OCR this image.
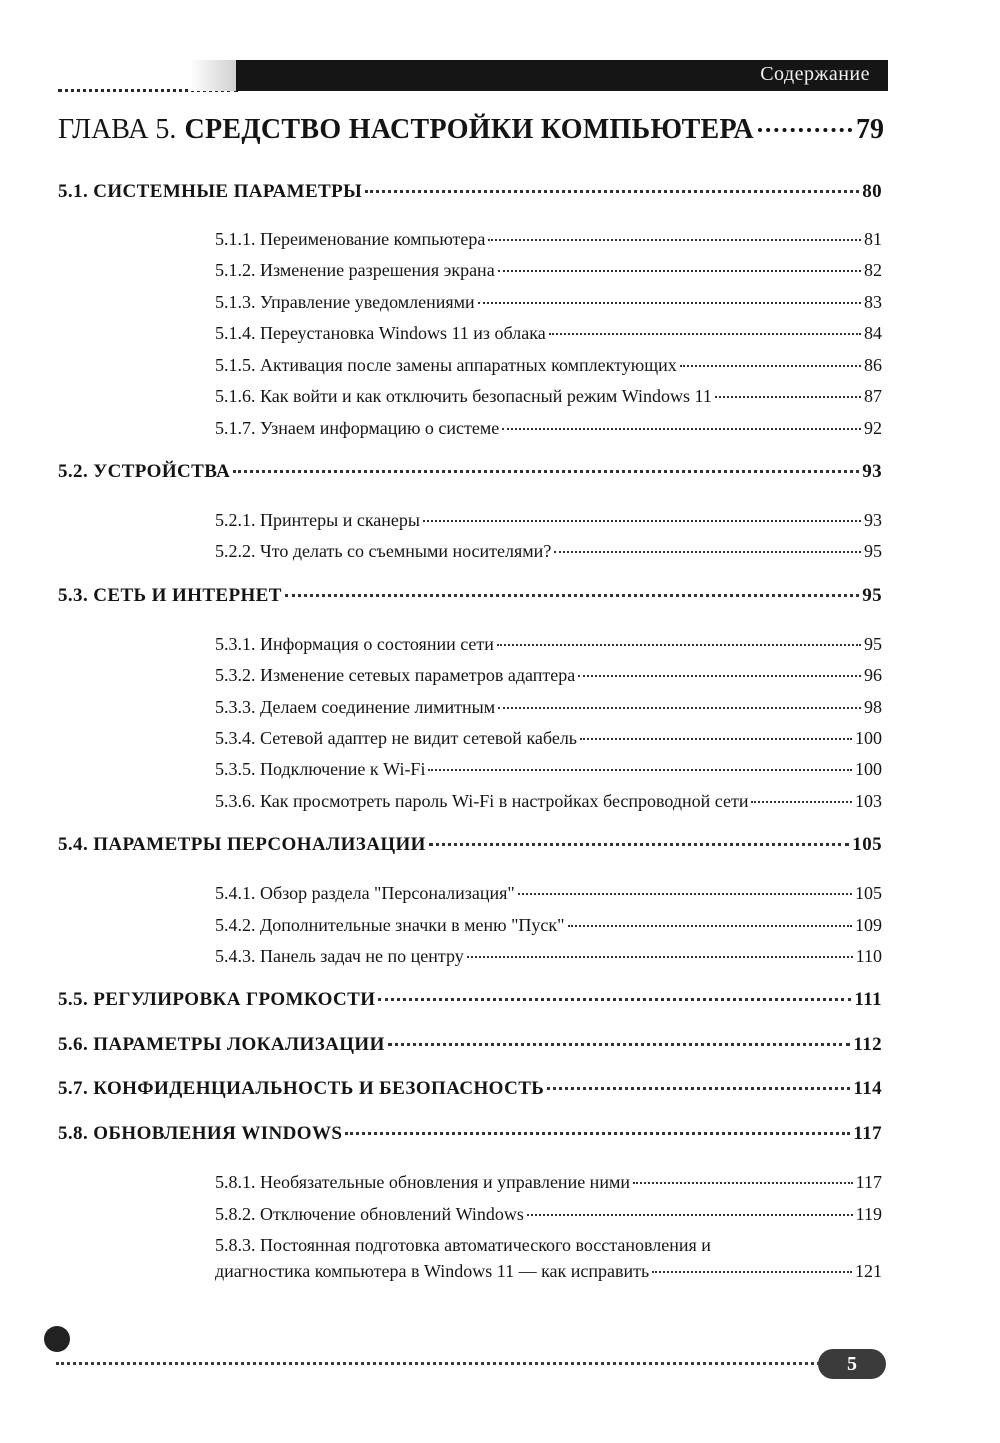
Содержание
ГЛАВА 5. СРЕДСТВО НАСТРОЙКИ КОМПЬЮТЕРА	79
5.1. СИСТЕМНЫЕ ПАРАМЕТРЫ	80
5.1.1. Переименование компьютера	81
5.1.2. Изменение разрешения экрана	82
5.1.3. Управление уведомлениями	83
5.1.4. Переустановка Windows 11 из облака	84
5.1.5. Активация после замены аппаратных комплектующих	86
5.1.6. Как войти и как отключить безопасный режим Windows 11	87
5.1.7. Узнаем информацию о системе	92
5.2. УСТРОЙСТВА	93
5.2.1. Принтеры и сканеры	93
5.2.2. Что делать со съемными носителями?	95
5.3. СЕТЬ И ИНТЕРНЕТ	95
5.3.1. Информация о состоянии сети	95
5.3.2. Изменение сетевых параметров адаптера	96
5.3.3. Делаем соединение лимитным	98
5.3.4. Сетевой адаптер не видит сетевой кабель	100
5.3.5. Подключение к Wi-Fi	100
5.3.6. Как просмотреть пароль Wi-Fi в настройках беспроводной сети	103
5.4. ПАРАМЕТРЫ ПЕРСОНАЛИЗАЦИИ	105
5.4.1. Обзор раздела "Персонализация"	105
5.4.2. Дополнительные значки в меню "Пуск"	109
5.4.3. Панель задач не по центру	110
5.5. РЕГУЛИРОВКА ГРОМКОСТИ	111
5.6. ПАРАМЕТРЫ ЛОКАЛИЗАЦИИ	112
5.7. КОНФИДЕНЦИАЛЬНОСТЬ И БЕЗОПАСНОСТЬ	114
5.8. ОБНОВЛЕНИЯ WINDOWS	117
5.8.1. Необязательные обновления и управление ними	117
5.8.2. Отключение обновлений Windows	119
5.8.3. Постоянная подготовка автоматического восстановления и
диагностика компьютера в Windows 11 — как исправить	121
5
